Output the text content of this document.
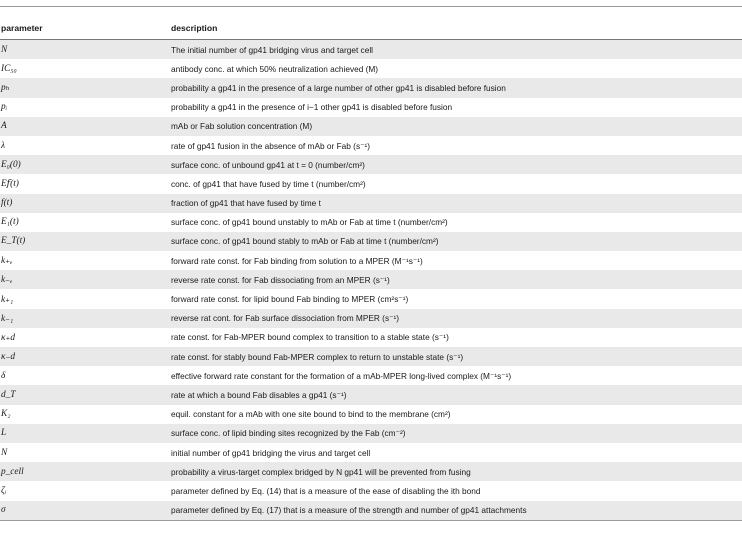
parameter	description
N	The initial number of gp41 bridging virus and target cell
IC₅₀	antibody conc. at which 50% neutralization achieved (M)
pₕ	probability a gp41 in the presence of a large number of other gp41 is disabled before fusion
pᵢ	probability a gp41 in the presence of i−1 other gp41 is disabled before fusion
A	mAb or Fab solution concentration (M)
λ	rate of gp41 fusion in the absence of mAb or Fab (s⁻¹)
E₀(0)	surface conc. of unbound gp41 at t = 0 (number/cm²)
E𝑓(t)	conc. of gp41 that have fused by time t (number/cm²)
f(t)	fraction of gp41 that have fused by time t
E₁(t)	surface conc. of gp41 bound unstably to mAb or Fab at time t (number/cm²)
E_T(t)	surface conc. of gp41 bound stably to mAb or Fab at time t (number/cm²)
k₊ₑ	forward rate const. for Fab binding from solution to a MPER (M⁻¹s⁻¹)
k₋ₑ	reverse rate const. for Fab dissociating from an MPER (s⁻¹)
k₊₁	forward rate const. for lipid bound Fab binding to MPER (cm²s⁻¹)
k₋₁	reverse rat cont. for Fab surface dissociation from MPER (s⁻¹)
κ₊d	rate const. for Fab-MPER bound complex to transition to a stable state (s⁻¹)
κ₋d	rate const. for stably bound Fab-MPER complex to return to unstable state (s⁻¹)
δ	effective forward rate constant for the formation of a mAb-MPER long-lived complex (M⁻¹s⁻¹)
d_T	rate at which a bound Fab disables a gp41 (s⁻¹)
K₂	equil. constant for a mAb with one site bound to bind to the membrane (cm²)
L	surface conc. of lipid binding sites recognized by the Fab (cm⁻²)
N	initial number of gp41 bridging the virus and target cell
p_cell	probability a virus-target complex bridged by N gp41 will be prevented from fusing
ζᵢ	parameter defined by Eq. (14) that is a measure of the ease of disabling the ith bond
σ	parameter defined by Eq. (17) that is a measure of the strength and number of gp41 attachments
